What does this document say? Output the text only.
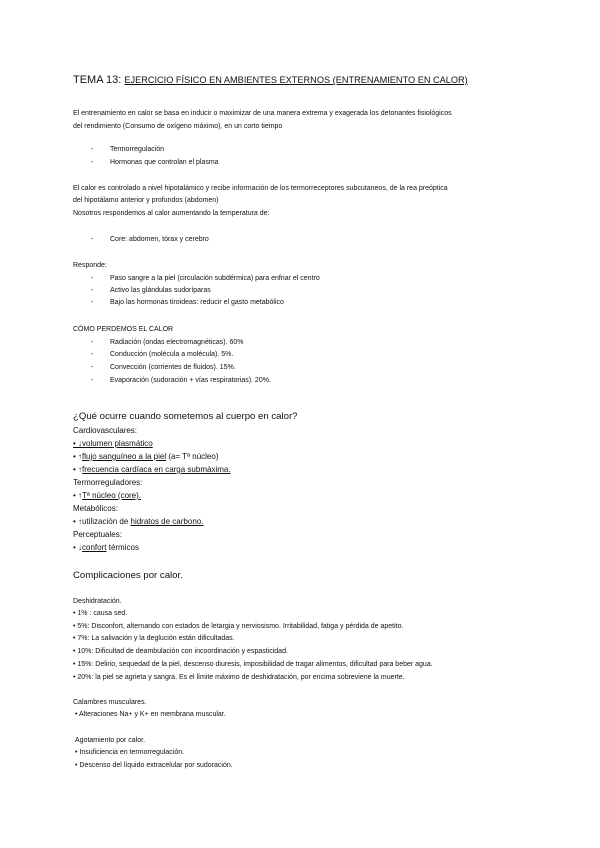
TEMA 13: EJERCICIO FÍSICO EN AMBIENTES EXTERNOS (ENTRENAMIENTO EN CALOR)
El entrenamiento en calor se basa en inducir o maximizar de una manera extrema y exagerada los detonantes fisiológicos
del rendimiento (Consumo de oxígeno máximo), en un corto tiempo
- Termorregulación
- Hormonas que controlan el plasma
El calor es controlado a nivel hipotalámico y recibe información de los termorreceptores subcutaneos, de la rea preóptica
del hipotálamo anterior y profundos (abdomen)
Nosotros respondemos al calor aumentando la temperatura de:
- Core: abdomen, tórax y cerebro
Responde:
- Paso sangre a la piel (circulación subdérmica) para enfriar el centro
- Activo las glándulas sudoríparas
- Bajo las hormonas tiroideas: reducir el gasto metabólico
CÓMO PERDEMOS EL CALOR
- Radiación (ondas electromagnéticas). 60%
- Conducción (molécula a molécula). 5%.
- Convección (corrientes de fluidos). 15%.
- Evaporación (sudoración + vías respiratorias). 20%.
¿Qué ocurre cuando sometemos al cuerpo en calor?
Cardiovasculares:
• ↓volumen plasmático
• ↑flujo sanguíneo a la piel (a= Tª núcleo)
• ↑frecuencia cardíaca en carga submáxima.
Termorreguladores:
• ↑Tª núcleo (core).
Metabólicos:
• ↑utilización de hidratos de carbono.
Perceptuales:
• ↓confort térmicos
Complicaciones por calor.
Deshidratación.
• 1% : causa sed.
• 5%: Disconfort, alternando con estados de letargia y nerviosismo. Irritabilidad, fatiga y pérdida de apetito.
• 7%: La salivación y la deglución están dificultadas.
• 10%: Dificultad de deambulación con incoordinación y espasticidad.
• 15%: Delirio, sequedad de la piel, descenso diuresis, imposibilidad de tragar alimentos, dificultad para beber agua.
• 20%: la piel se agrieta y sangra. Es el límite máximo de deshidratación, por encima sobreviene la muerte.
Calambres musculares.
• Alteraciones Na+ y K+ en membrana muscular.
Agotamiento por calor.
• Insuficiencia en termorregulación.
• Descenso del líquido extracelular por sudoración.
